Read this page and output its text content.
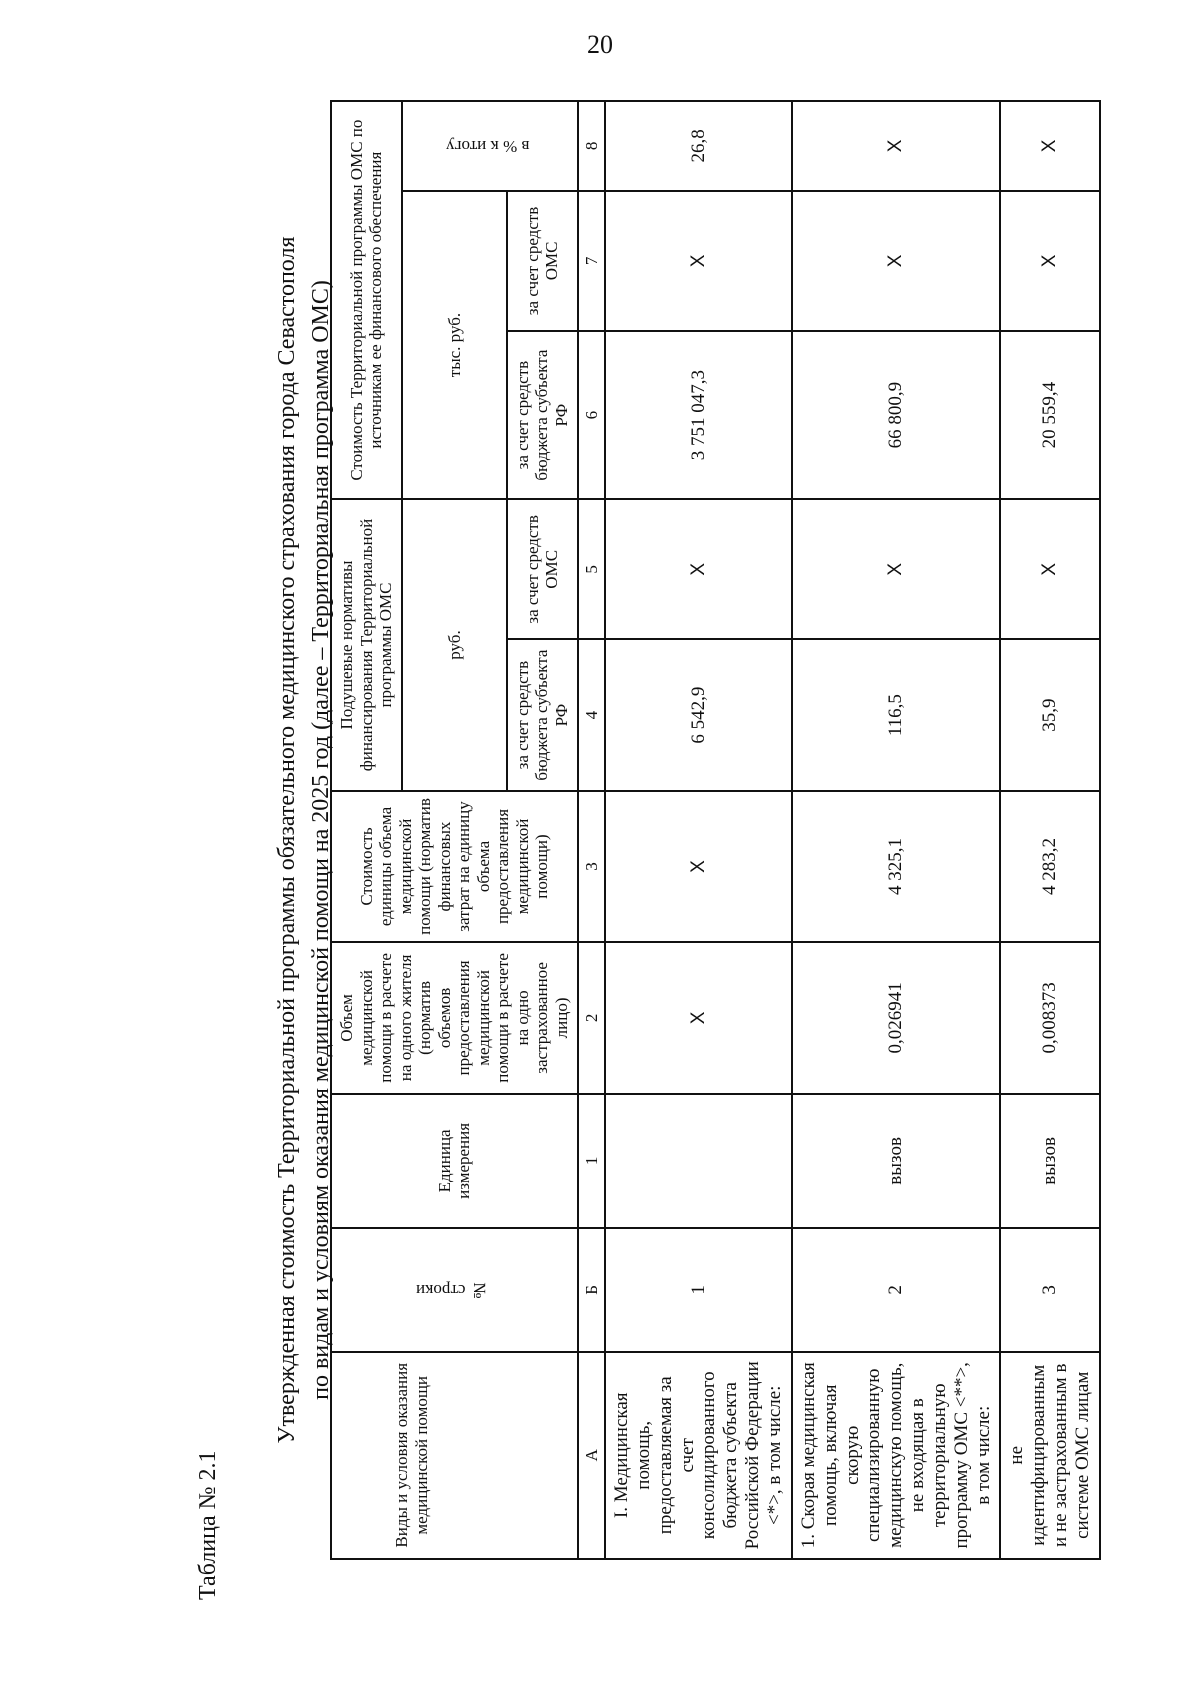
20
Таблица № 2.1
Утвержденная стоимость Территориальной программы обязательного медицинского страхования города Севастополя по видам и условиям оказания медицинской помощи на 2025 год (далее – Территориальная программа ОМС)
Виды и условия оказания медицинской помощи	№ строки	Единица измерения	Объем медицинской помощи в расчете на одного жителя (норматив объемов предоставления медицинской помощи в расчете на одно застрахованное лицо)	Стоимость единицы объема медицинской помощи (норматив финансовых затрат на единицу объема предоставления медицинской помощи)	Подушевые нормативы финансирования Территориальной программы ОМС		Стоимость Территориальной программы ОМС по источникам ее финансового обеспечения		
					руб.		тыс. руб.		в % к итогу
					за счет средств бюджета субъекта РФ	за счет средств ОМС	за счет средств бюджета субъекта РФ	за счет средств ОМС	
А	Б	1	2	3	4	5	6	7	8
I. Медицинская помощь, предоставляемая за счет консолидированного бюджета субъекта Российской Федерации <*>, в том числе:	1		Х	Х	6 542,9	Х	3 751 047,3	Х	26,8
1. Скорая медицинская помощь, включая скорую специализированную медицинскую помощь, не входящая в территориальную программу ОМС <**>, в том числе:	2	вызов	0,026941	4 325,1	116,5	Х	66 800,9	Х	Х
не идентифицированным и не застрахованным в системе ОМС лицам	3	вызов	0,008373	4 283,2	35,9	Х	20 559,4	Х	Х
